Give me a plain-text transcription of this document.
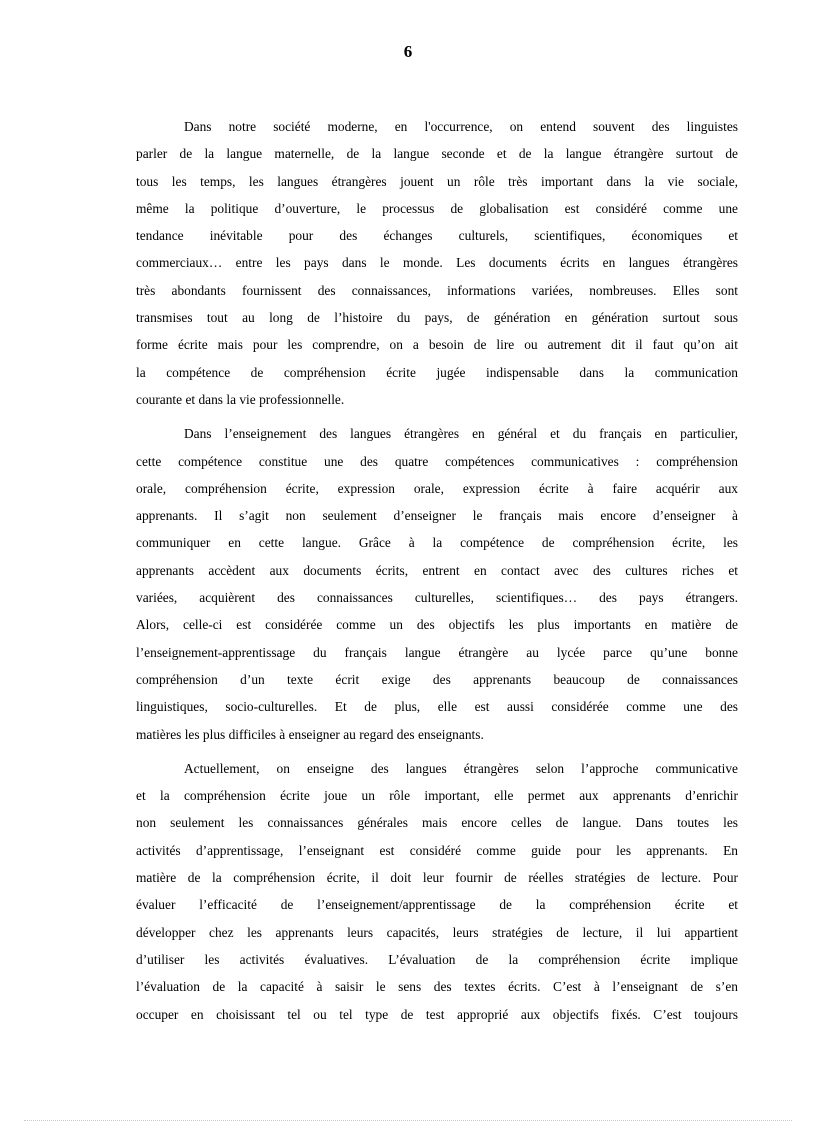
6

Dans notre société moderne, en l'occurrence, on entend souvent des linguistes
parler de la langue maternelle, de la langue seconde et de la langue étrangère surtout de
tous les temps, les langues étrangères jouent un rôle très important dans la vie sociale,
même la politique d’ouverture, le processus de globalisation est considéré comme une
tendance inévitable pour des échanges culturels, scientifiques, économiques et
commerciaux… entre les pays dans le monde. Les documents écrits en langues étrangères
très abondants fournissent des connaissances, informations variées, nombreuses. Elles sont
transmises tout au long de l’histoire du pays, de génération en génération surtout sous
forme écrite mais pour les comprendre, on a besoin de lire ou autrement dit il faut qu’on ait
la compétence de compréhension écrite jugée indispensable dans la communication
courante et dans la vie professionnelle.

Dans l’enseignement des langues étrangères en général et du français en particulier,
cette compétence constitue une des quatre compétences communicatives : compréhension
orale, compréhension écrite, expression orale, expression écrite à faire acquérir aux
apprenants. Il s’agit non seulement d’enseigner le français mais encore d’enseigner à
communiquer en cette langue. Grâce à la compétence de compréhension écrite, les
apprenants accèdent aux documents écrits, entrent en contact avec des cultures riches et
variées, acquièrent des connaissances culturelles, scientifiques… des pays étrangers.
Alors, celle-ci est considérée comme un des objectifs les plus importants en matière de
l’enseignement-apprentissage du français langue étrangère au lycée parce qu’une bonne
compréhension d’un texte écrit exige des apprenants beaucoup de connaissances
linguistiques, socio-culturelles. Et de plus, elle est aussi considérée comme une des
matières les plus difficiles à enseigner au regard des enseignants.

Actuellement, on enseigne des langues étrangères selon l’approche communicative
et la compréhension écrite joue un rôle important, elle permet aux apprenants d’enrichir
non seulement les connaissances générales mais encore celles de langue. Dans toutes les
activités d’apprentissage, l’enseignant est considéré comme guide pour les apprenants. En
matière de la compréhension écrite, il doit leur fournir de réelles stratégies de lecture. Pour
évaluer l’efficacité de l’enseignement/apprentissage de la compréhension écrite et
développer chez les apprenants leurs capacités, leurs stratégies de lecture, il lui appartient
d’utiliser les activités évaluatives. L’évaluation de la compréhension écrite implique
l’évaluation de la capacité à saisir le sens des textes écrits. C’est à l’enseignant de s’en
occuper en choisissant tel ou tel type de test approprié aux objectifs fixés. C’est toujours
